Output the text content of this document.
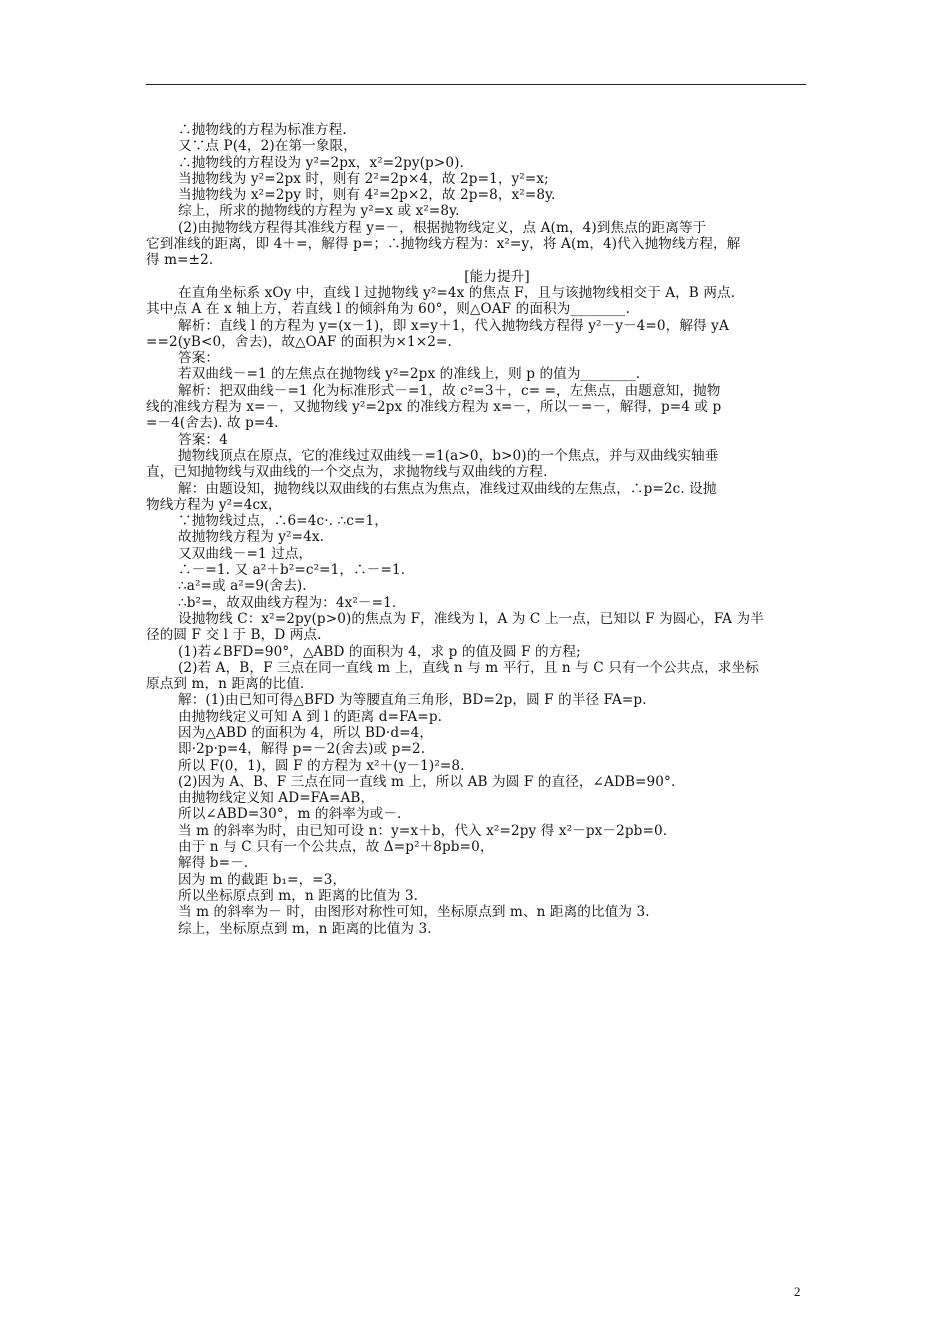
∴抛物线的方程为标准方程.
又∵点 P(4，2)在第一象限，
∴抛物线的方程设为 y²=2px，x²=2py(p>0).
当抛物线为 y²=2px 时，则有 2²=2p×4，故 2p=1，y²=x;
当抛物线为 x²=2py 时，则有 4²=2p×2，故 2p=8，x²=8y.
综上，所求的抛物线的方程为 y²=x 或 x²=8y.
(2)由抛物线方程得其准线方程 y=－，根据抛物线定义，点 A(m，4)到焦点的距离等于
它到准线的距离，即 4＋=，解得 p=；∴抛物线方程为：x²=y，将 A(m，4)代入抛物线方程，解
得 m=±2.
[能力提升]
在直角坐标系 xOy 中，直线 l 过抛物线 y²=4x 的焦点 F，且与该抛物线相交于 A，B 两点.
其中点 A 在 x 轴上方，若直线 l 的倾斜角为 60°，则△OAF 的面积为________.
解析：直线 l 的方程为 y=(x－1)，即 x=y＋1，代入抛物线方程得 y²－y－4=0，解得 yA
==2(yB<0，舍去)，故△OAF 的面积为×1×2=.
答案：
若双曲线－=1 的左焦点在抛物线 y²=2px 的准线上，则 p 的值为________.
解析：把双曲线－=1 化为标准形式－=1，故 c²=3＋，c= =，左焦点，由题意知，抛物
线的准线方程为 x=－，又抛物线 y²=2px 的准线方程为 x=－，所以－=－，解得，p=4 或 p
=－4(舍去). 故 p=4.
答案：4
抛物线顶点在原点，它的准线过双曲线－=1(a>0，b>0)的一个焦点，并与双曲线实轴垂
直，已知抛物线与双曲线的一个交点为，求抛物线与双曲线的方程.
解：由题设知，抛物线以双曲线的右焦点为焦点，准线过双曲线的左焦点，∴p=2c. 设抛
物线方程为 y²=4cx，
∵抛物线过点，∴6=4c·. ∴c=1，
故抛物线方程为 y²=4x.
又双曲线－=1 过点，
∴－=1. 又 a²＋b²=c²=1，∴－=1.
∴a²=或 a²=9(舍去).
∴b²=，故双曲线方程为：4x²－=1.
设抛物线 C：x²=2py(p>0)的焦点为 F，准线为 l，A 为 C 上一点，已知以 F 为圆心，FA 为半
径的圆 F 交 l 于 B，D 两点.
(1)若∠BFD=90°，△ABD 的面积为 4，求 p 的值及圆 F 的方程;
(2)若 A，B，F 三点在同一直线 m 上，直线 n 与 m 平行，且 n 与 C 只有一个公共点，求坐标
原点到 m，n 距离的比值.
解：(1)由已知可得△BFD 为等腰直角三角形，BD=2p，圆 F 的半径 FA=p.
由抛物线定义可知 A 到 l 的距离 d=FA=p.
因为△ABD 的面积为 4，所以 BD·d=4，
即·2p·p=4，解得 p=－2(舍去)或 p=2.
所以 F(0，1)，圆 F 的方程为 x²＋(y－1)²=8.
(2)因为 A、B、F 三点在同一直线 m 上，所以 AB 为圆 F 的直径，∠ADB=90°.
由抛物线定义知 AD=FA=AB，
所以∠ABD=30°，m 的斜率为或－.
当 m 的斜率为时，由已知可设 n：y=x＋b，代入 x²=2py 得 x²－px－2pb=0.
由于 n 与 C 只有一个公共点，故 Δ=p²＋8pb=0，
解得 b=－.
因为 m 的截距 b₁=，=3，
所以坐标原点到 m，n 距离的比值为 3.
当 m 的斜率为－ 时，由图形对称性可知，坐标原点到 m、n 距离的比值为 3.
综上，坐标原点到 m，n 距离的比值为 3.
2
